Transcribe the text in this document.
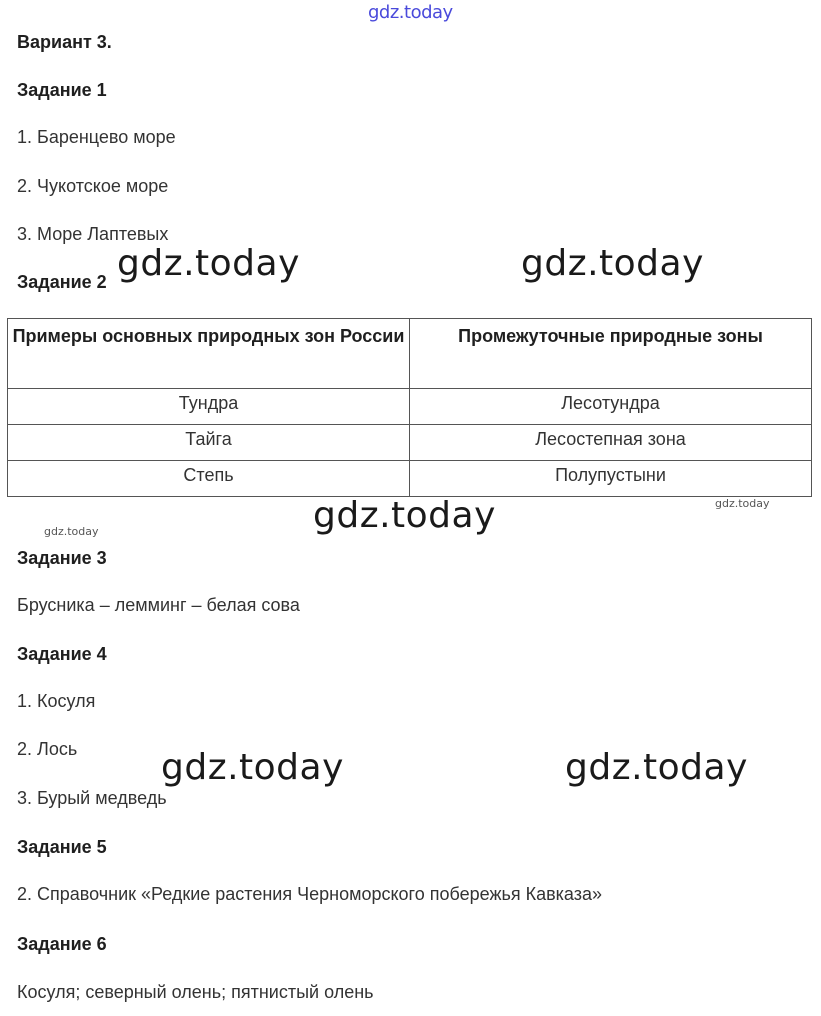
gdz.today
Вариант 3.
Задание 1
1. Баренцево море
2. Чукотское море
3. Море Лаптевых
Задание 2
Примеры основных природных зон России	Промежуточные природные зоны
Тундра	Лесотундра
Тайга	Лесостепная зона
Степь	Полупустыни
Задание 3
Брусника – лемминг – белая сова
Задание 4
1. Косуля
2. Лось
3. Бурый медведь
Задание 5
2. Справочник «Редкие растения Черноморского побережья Кавказа»
Задание 6
Косуля; северный олень; пятнистый олень
gdz.today	gdz.today
gdz.today
gdz.today	gdz.today
gdz.today
gdz.today
